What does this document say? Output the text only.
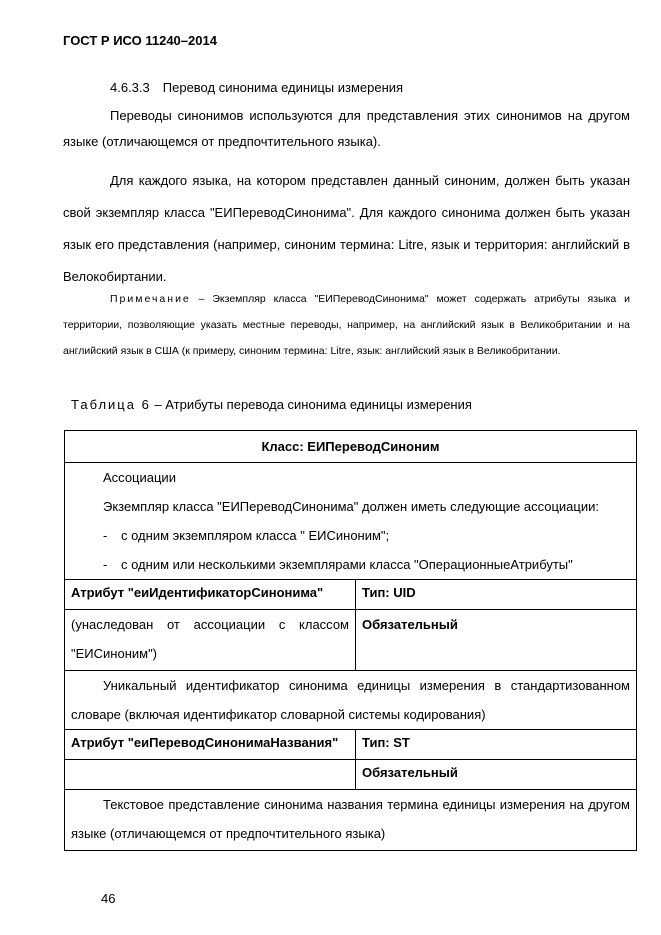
ГОСТ Р ИСО 11240–2014
4.6.3.3 Перевод синонима единицы измерения
Переводы синонимов используются для представления этих синонимов на другом языке (отличающемся от предпочтительного языка).
Для каждого языка, на котором представлен данный синоним, должен быть указан свой экземпляр класса "ЕИПереводСинонима". Для каждого синонима должен быть указан язык его представления (например, синоним термина: Litre, язык и территория: английский в Велокобиртании.
Примечание – Экземпляр класса "ЕИПереводСинонима" может содержать атрибуты языка и территории, позволяющие указать местные переводы, например, на английский язык в Великобритании и на английский язык в США (к примеру, синоним термина: Litre, язык: английский язык в Великобритании.
Таблица 6 – Атрибуты перевода синонима единицы измерения
Класс: ЕИПереводСиноним	

Ассоциации
Экземпляр класса "ЕИПереводСинонима" должен иметь следующие ассоциации:
- с одним экземпляром класса " ЕИСиноним";
- с одним или несколькими экземплярами класса "ОперационныеАтрибуты"	

Атрибут "еиИдентификаторСинонима"	Тип: UID
(унаследован от ассоциации с классом "ЕИСиноним")	Обязательный
Уникальный идентификатор синонима единицы измерения в стандартизованном словаре (включая идентификатор словарной системы кодирования)	
Атрибут "еиПереводСинонимаНазвания"	Тип: ST
	Обязательный
Текстовое представление синонима названия термина единицы измерения на другом языке (отличающемся от предпочтительного языка)	
46
